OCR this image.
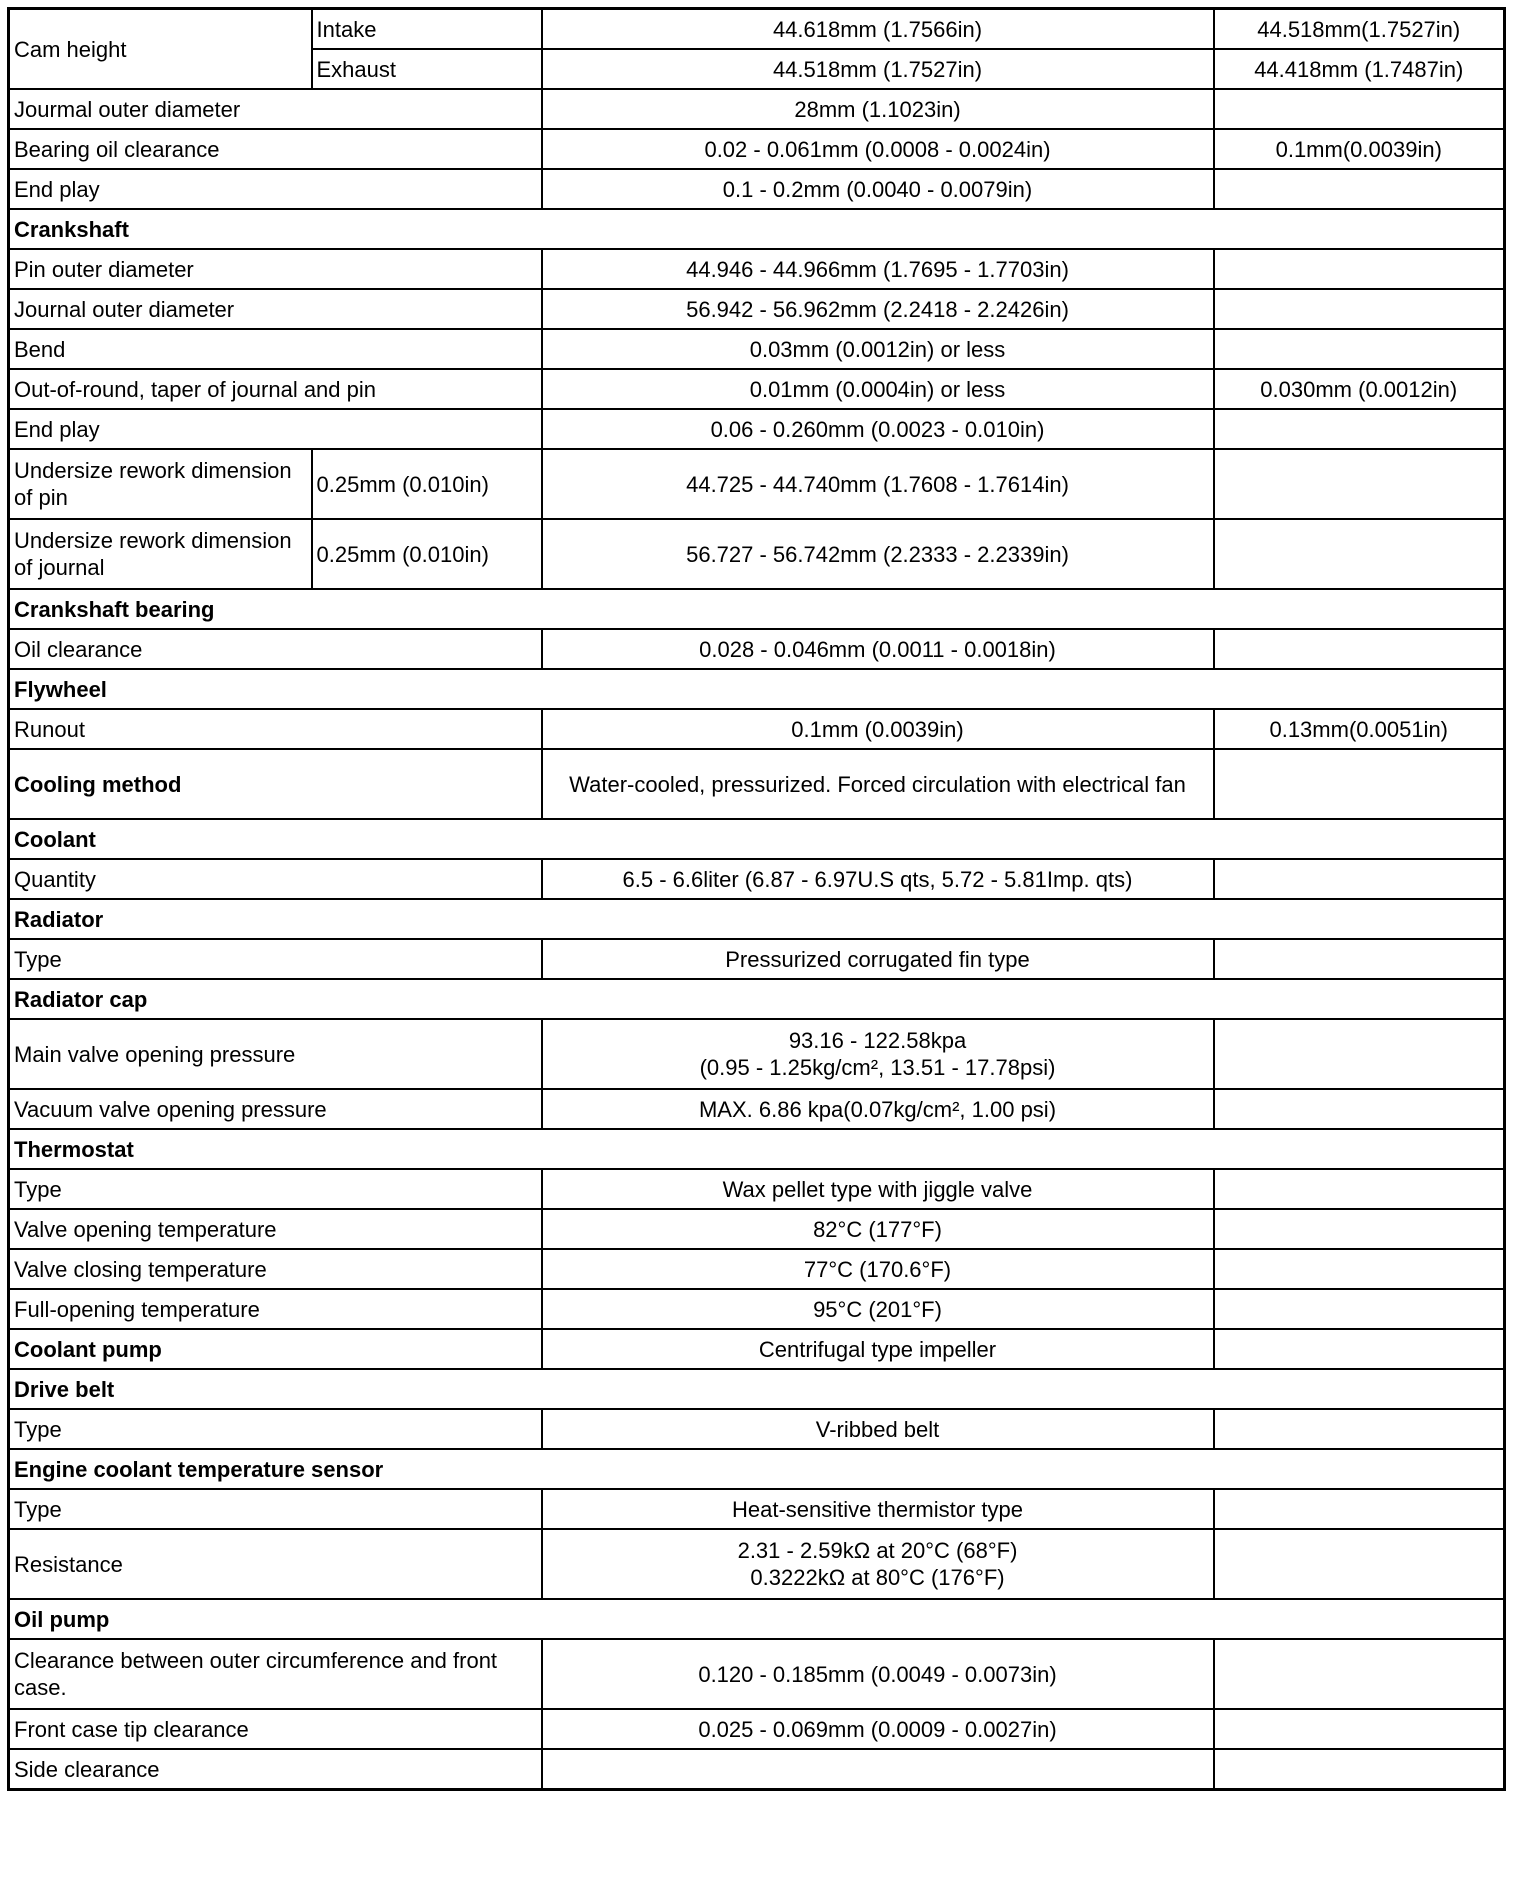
Cam height	Intake	44.618mm (1.7566in)	44.518mm(1.7527in)
	Exhaust	44.518mm (1.7527in)	44.418mm (1.7487in)
Jourmal outer diameter		28mm (1.1023in)	

Bearing oil clearance		0.02 - 0.061mm (0.0008 - 0.0024in)	0.1mm(0.0039in)
End play		0.1 - 0.2mm (0.0040 - 0.0079in)	

Crankshaft			
Pin outer diameter		44.946 - 44.966mm (1.7695 - 1.7703in)	

Journal outer diameter		56.942 - 56.962mm (2.2418 - 2.2426in)	

Bend		0.03mm (0.0012in) or less	

Out-of-round, taper of journal and pin		0.01mm (0.0004in) or less	0.030mm (0.0012in)
End play		0.06 - 0.260mm (0.0023 - 0.010in)	

Undersize rework dimension of pin	0.25mm (0.010in)	44.725 - 44.740mm (1.7608 - 1.7614in)	

Undersize rework dimension of journal	0.25mm (0.010in)	56.727 - 56.742mm (2.2333 - 2.2339in)	

Crankshaft bearing			
Oil clearance		0.028 - 0.046mm (0.0011 - 0.0018in)	

Flywheel			
Runout		0.1mm (0.0039in)	0.13mm(0.0051in)
Cooling method		Water-cooled, pressurized. Forced circulation with electrical fan	

Coolant			
Quantity		6.5 - 6.6liter (6.87 - 6.97U.S qts, 5.72 - 5.81Imp. qts)	

Radiator			
Type		Pressurized corrugated fin type	

Radiator cap			
Main valve opening pressure		93.16 - 122.58kpa
(0.95 - 1.25kg/cm², 13.51 - 17.78psi)	

Vacuum valve opening pressure		MAX. 6.86 kpa(0.07kg/cm², 1.00 psi)	

Thermostat			
Type		Wax pellet type with jiggle valve	

Valve opening temperature		82°C (177°F)	

Valve closing temperature		77°C (170.6°F)	

Full-opening temperature		95°C (201°F)	

Coolant pump		Centrifugal type impeller	

Drive belt			
Type		V-ribbed belt	

Engine coolant temperature sensor			
Type		Heat-sensitive thermistor type	

Resistance		2.31 - 2.59kΩ at 20°C (68°F)
0.3222kΩ at 80°C (176°F)	

Oil pump			
Clearance between outer circumference and front case.		0.120 - 0.185mm (0.0049 - 0.0073in)	

Front case tip clearance		0.025 - 0.069mm (0.0009 - 0.0027in)	

Side clearance		
